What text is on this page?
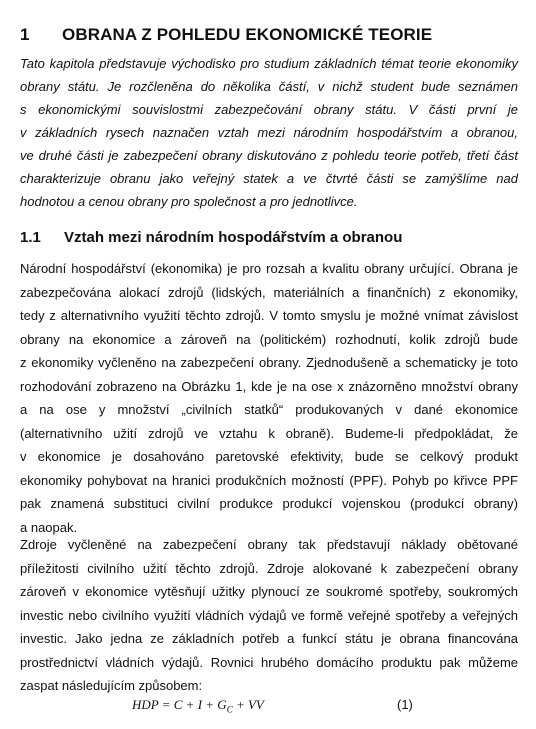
1 OBRANA Z POHLEDU EKONOMICKÉ TEORIE
Tato kapitola představuje východisko pro studium základních témat teorie ekonomiky
obrany státu. Je rozčleněna do několika částí, v nichž student bude seznámen
s ekonomickými souvislostmi zabezpečování obrany státu. V části první je
v základních rysech naznačen vztah mezi národním hospodářstvím a obranou,
ve druhé části je zabezpečení obrany diskutováno z pohledu teorie potřeb, třetí část
charakterizuje obranu jako veřejný statek a ve čtvrté části se zamýšlíme nad
hodnotou a cenou obrany pro společnost a pro jednotlivce.
1.1 Vztah mezi národním hospodářstvím a obranou
Národní hospodářství (ekonomika) je pro rozsah a kvalitu obrany určující. Obrana je
zabezpečována alokací zdrojů (lidských, materiálních a finančních) z ekonomiky,
tedy z alternativního využití těchto zdrojů. V tomto smyslu je možné vnímat závislost
obrany na ekonomice a zároveň na (politickém) rozhodnutí, kolik zdrojů bude
z ekonomiky vyčleněno na zabezpečení obrany. Zjednodušeně a schematicky je toto
rozhodování zobrazeno na Obrázku 1, kde je na ose x znázorněno množství obrany
a na ose y množství „civilních statků“ produkovaných v dané ekonomice
(alternativního užití zdrojů ve vztahu k obraně). Budeme-li předpokládat, že
v ekonomice je dosahováno paretovské efektivity, bude se celkový produkt
ekonomiky pohybovat na hranici produkčních možností (PPF). Pohyb po křivce PPF
pak znamená substituci civilní produkce produkcí vojenskou (produkcí obrany)
a naopak.
Zdroje vyčleněné na zabezpečení obrany tak představují náklady obětované
příležitosti civilního užití těchto zdrojů. Zdroje alokované k zabezpečení obrany
zároveň v ekonomice vytěsňují užitky plynoucí ze soukromé spotřeby, soukromých
investic nebo civilního využití vládních výdajů ve formě veřejné spotřeby a veřejných
investic. Jako jedna ze základních potřeb a funkcí státu je obrana financována
prostřednictví vládních výdajů. Rovnici hrubého domácího produktu pak můžeme
zaspat následujícím způsobem:
HDP = $C + I + G_C$ + VV	(1)
